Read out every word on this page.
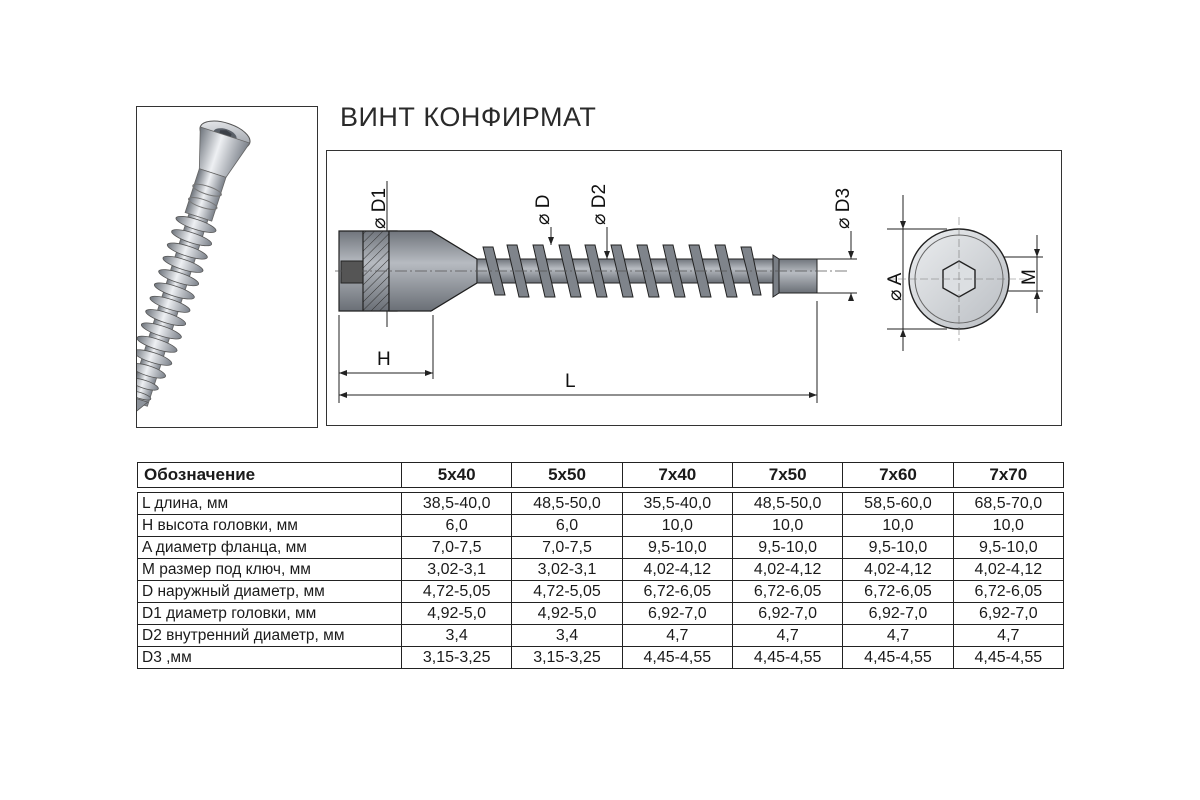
ВИНТ КОНФИРМАТ
⌀ D1	⌀ D ⌀ D2	⌀ D3
⌀ A	M
H
L
Обозначение	5x40	5x50	7x40	7x50	7x60	7x70

L длина, мм	38,5-40,0	48,5-50,0	35,5-40,0	48,5-50,0	58,5-60,0	68,5-70,0
H высота головки, мм	6,0	6,0	10,0	10,0	10,0	10,0
A диаметр фланца, мм	7,0-7,5	7,0-7,5	9,5-10,0	9,5-10,0	9,5-10,0	9,5-10,0
M размер под ключ, мм	3,02-3,1	3,02-3,1	4,02-4,12	4,02-4,12	4,02-4,12	4,02-4,12
D наружный диаметр, мм	4,72-5,05	4,72-5,05	6,72-6,05	6,72-6,05	6,72-6,05	6,72-6,05
D1 диаметр головки, мм	4,92-5,0	4,92-5,0	6,92-7,0	6,92-7,0	6,92-7,0	6,92-7,0
D2 внутренний диаметр, мм	3,4	3,4	4,7	4,7	4,7	4,7
D3 ,мм	3,15-3,25	3,15-3,25	4,45-4,55	4,45-4,55	4,45-4,55	4,45-4,55
